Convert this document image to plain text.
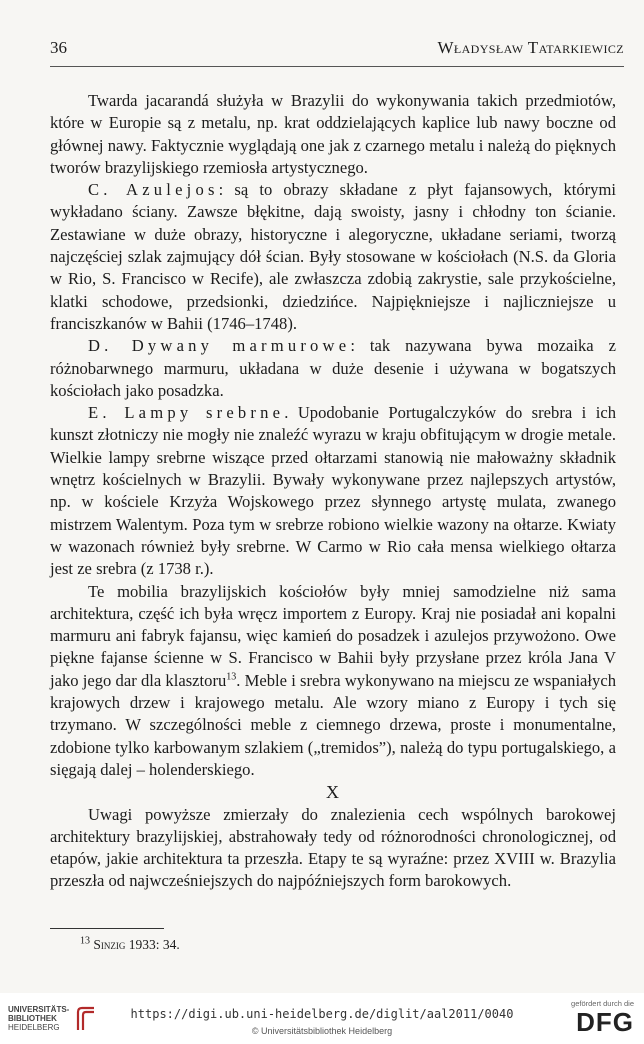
36	Władysław Tatarkiewicz

Twarda jacarandá służyła w Brazylii do wykonywania takich przedmiotów, które w Europie są z metalu, np. krat oddzielających kaplice lub nawy boczne od głównej nawy. Faktycznie wyglądają one jak z czarnego metalu i należą do pięknych tworów brazylijskiego rzemiosła artystycznego.

C. Azulejos: są to obrazy składane z płyt fajansowych, którymi wykładano ściany. Zawsze błękitne, dają swoisty, jasny i chłodny ton ścianie. Zestawiane w duże obrazy, historyczne i alegoryczne, układane seriami, tworzą najczęściej szlak zajmujący dół ścian. Były stosowane w kościołach (N.S. da Gloria w Rio, S. Francisco w Recife), ale zwłaszcza zdobią zakrystie, sale przykościelne, klatki schodowe, przedsionki, dziedzińce. Najpiękniejsze i najliczniejsze u franciszkanów w Bahii (1746–1748).

D. Dywany marmurowe: tak nazywana bywa mozaika z różnobarwnego marmuru, układana w duże desenie i używana w bogatszych kościołach jako posadzka.

E. Lampy srebrne. Upodobanie Portugalczyków do srebra i ich kunszt złotniczy nie mogły nie znaleźć wyrazu w kraju obfitującym w drogie metale. Wielkie lampy srebrne wiszące przed ołtarzami stanowią nie małoważny składnik wnętrz kościelnych w Brazylii. Bywały wykonywane przez najlepszych artystów, np. w kościele Krzyża Wojskowego przez słynnego artystę mulata, zwanego mistrzem Walentym. Poza tym w srebrze robiono wielkie wazony na ołtarze. Kwiaty w wazonach również były srebrne. W Carmo w Rio cała mensa wielkiego ołtarza jest ze srebra (z 1738 r.).

Te mobilia brazylijskich kościołów były mniej samodzielne niż sama architektura, część ich była wręcz importem z Europy. Kraj nie posiadał ani kopalni marmuru ani fabryk fajansu, więc kamień do posadzek i azulejos przywożono. Owe piękne fajanse ścienne w S. Francisco w Bahii były przysłane przez króla Jana V jako jego dar dla klasztoru$^{13}$. Meble i srebra wykonywano na miejscu ze wspaniałych krajowych drzew i krajowego metalu. Ale wzory miano z Europy i tych się trzymano. W szczególności meble z ciemnego drzewa, proste i monumentalne, zdobione tylko karbowanym szlakiem („tremidos”), należą do typu portugalskiego, a sięgają dalej – holenderskiego.

X

Uwagi powyższe zmierzały do znalezienia cech wspólnych barokowej architektury brazylijskiej, abstrahowały tedy od różnorodności chronologicznej, od etapów, jakie architektura ta przeszła. Etapy te są wyraźne: przez XVIII w. Brazylia przeszła od najwcześniejszych do najpóźniejszych form barokowych.

$^{13}$ Sinzig 1933: 34.
UNIVERSITÄTS-
BIBLIOTHEK
HEIDELBERG
https://digi.ub.uni-heidelberg.de/diglit/aal2011/0040
© Universitätsbibliothek Heidelberg
gefördert durch die
DFG
